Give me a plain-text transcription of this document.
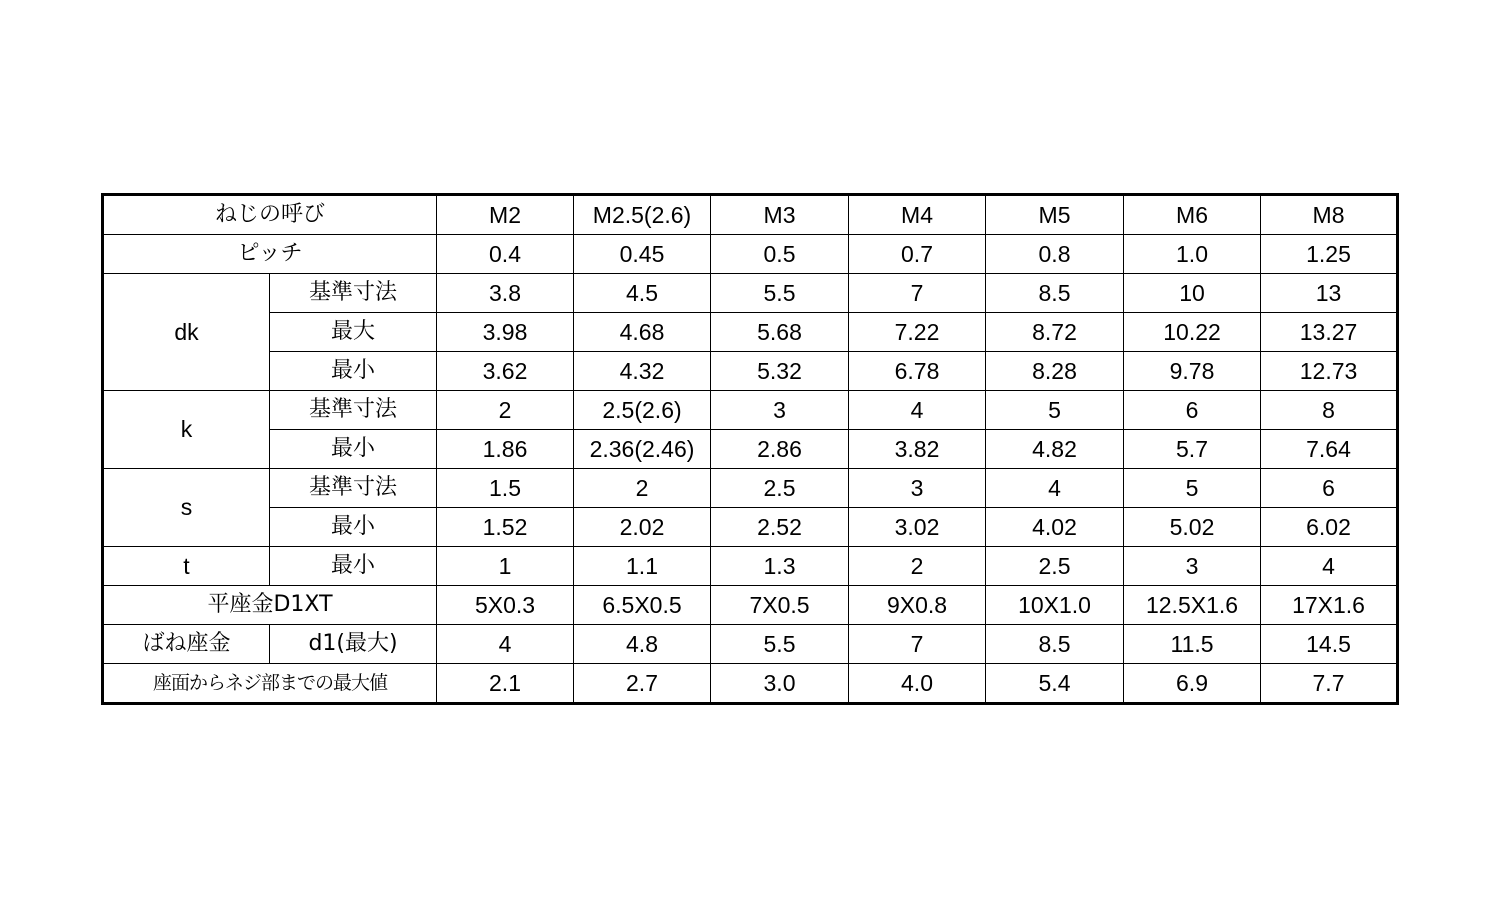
ねじの呼び		M2	M2.5(2.6)	M3	M4	M5	M6	M8
ピッチ		0.4	0.45	0.5	0.7	0.8	1.0	1.25
dk	基準寸法	3.8	4.5	5.5	7	8.5	10	13
	最大	3.98	4.68	5.68	7.22	8.72	10.22	13.27
	最小	3.62	4.32	5.32	6.78	8.28	9.78	12.73
k	基準寸法	2	2.5(2.6)	3	4	5	6	8
	最小	1.86	2.36(2.46)	2.86	3.82	4.82	5.7	7.64
s	基準寸法	1.5	2	2.5	3	4	5	6
	最小	1.52	2.02	2.52	3.02	4.02	5.02	6.02
t	最小	1	1.1	1.3	2	2.5	3	4
平座金D1XT		5X0.3	6.5X0.5	7X0.5	9X0.8	10X1.0	12.5X1.6	17X1.6
ばね座金	d1(最大)	4	4.8	5.5	7	8.5	11.5	14.5
座面からネジ部までの最大値		2.1	2.7	3.0	4.0	5.4	6.9	7.7
